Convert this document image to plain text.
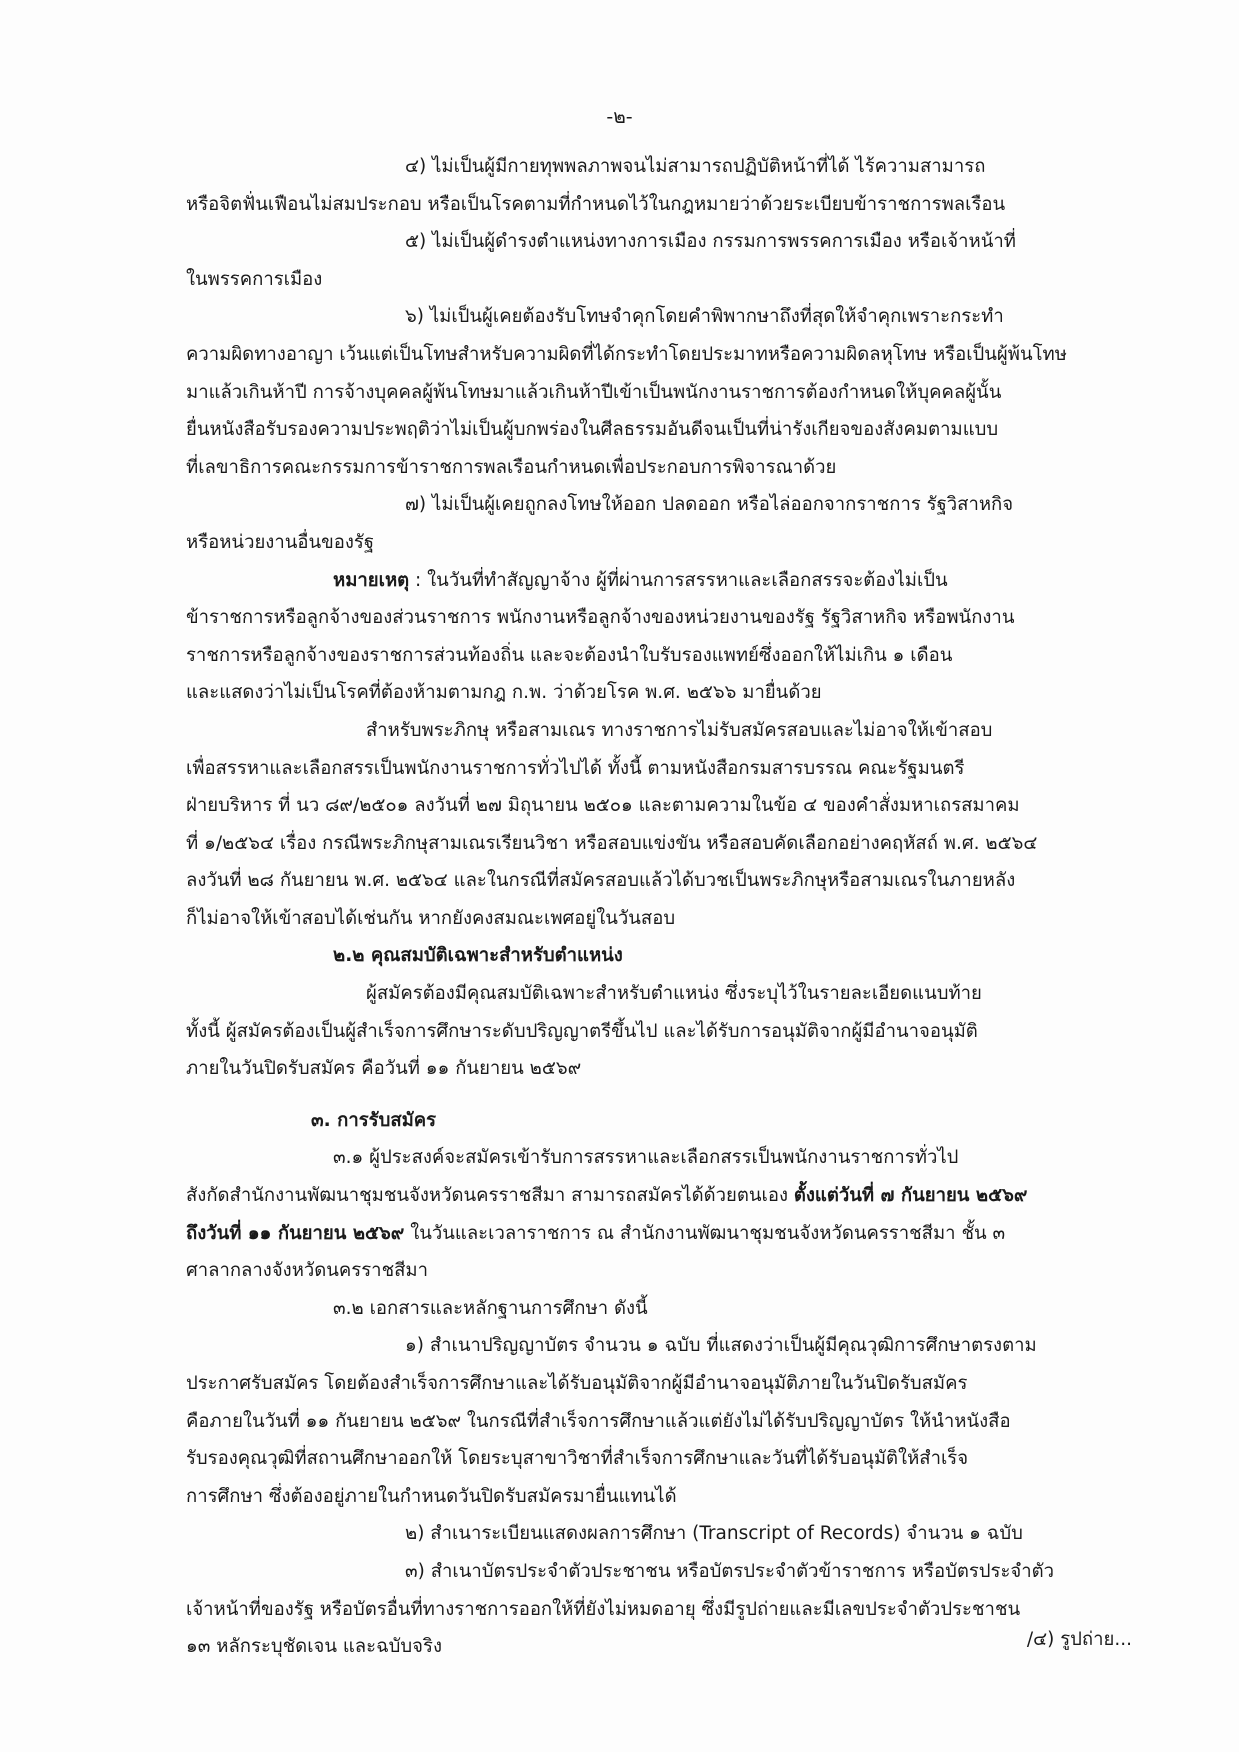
-๒-
๔) ไม่เป็นผู้มีกายทุพพลภาพจนไม่สามารถปฏิบัติหน้าที่ได้ ไร้ความสามารถ
หรือจิตฟั่นเฟือนไม่สมประกอบ หรือเป็นโรคตามที่กำหนดไว้ในกฎหมายว่าด้วยระเบียบข้าราชการพลเรือน
๕) ไม่เป็นผู้ดำรงตำแหน่งทางการเมือง กรรมการพรรคการเมือง หรือเจ้าหน้าที่
ในพรรคการเมือง
๖) ไม่เป็นผู้เคยต้องรับโทษจำคุกโดยคำพิพากษาถึงที่สุดให้จำคุกเพราะกระทำ
ความผิดทางอาญา เว้นแต่เป็นโทษสำหรับความผิดที่ได้กระทำโดยประมาทหรือความผิดลหุโทษ หรือเป็นผู้พ้นโทษ
มาแล้วเกินห้าปี การจ้างบุคคลผู้พ้นโทษมาแล้วเกินห้าปีเข้าเป็นพนักงานราชการต้องกำหนดให้บุคคลผู้นั้น
ยื่นหนังสือรับรองความประพฤติว่าไม่เป็นผู้บกพร่องในศีลธรรมอันดีจนเป็นที่น่ารังเกียจของสังคมตามแบบ
ที่เลขาธิการคณะกรรมการข้าราชการพลเรือนกำหนดเพื่อประกอบการพิจารณาด้วย
๗) ไม่เป็นผู้เคยถูกลงโทษให้ออก ปลดออก หรือไล่ออกจากราชการ รัฐวิสาหกิจ
หรือหน่วยงานอื่นของรัฐ
หมายเหตุ : ในวันที่ทำสัญญาจ้าง ผู้ที่ผ่านการสรรหาและเลือกสรรจะต้องไม่เป็น
ข้าราชการหรือลูกจ้างของส่วนราชการ พนักงานหรือลูกจ้างของหน่วยงานของรัฐ รัฐวิสาหกิจ หรือพนักงาน
ราชการหรือลูกจ้างของราชการส่วนท้องถิ่น และจะต้องนำใบรับรองแพทย์ซึ่งออกให้ไม่เกิน ๑ เดือน
และแสดงว่าไม่เป็นโรคที่ต้องห้ามตามกฎ ก.พ. ว่าด้วยโรค พ.ศ. ๒๕๖๖ มายื่นด้วย
สำหรับพระภิกษุ หรือสามเณร ทางราชการไม่รับสมัครสอบและไม่อาจให้เข้าสอบ
เพื่อสรรหาและเลือกสรรเป็นพนักงานราชการทั่วไปได้ ทั้งนี้ ตามหนังสือกรมสารบรรณ คณะรัฐมนตรี
ฝ่ายบริหาร ที่ นว ๘๙/๒๕๐๑ ลงวันที่ ๒๗ มิถุนายน ๒๕๐๑ และตามความในข้อ ๔ ของคำสั่งมหาเถรสมาคม
ที่ ๑/๒๕๖๔ เรื่อง กรณีพระภิกษุสามเณรเรียนวิชา หรือสอบแข่งขัน หรือสอบคัดเลือกอย่างคฤหัสถ์ พ.ศ. ๒๕๖๔
ลงวันที่ ๒๘ กันยายน พ.ศ. ๒๕๖๔ และในกรณีที่สมัครสอบแล้วได้บวชเป็นพระภิกษุหรือสามเณรในภายหลัง
ก็ไม่อาจให้เข้าสอบได้เช่นกัน หากยังคงสมณะเพศอยู่ในวันสอบ
๒.๒ คุณสมบัติเฉพาะสำหรับตำแหน่ง
ผู้สมัครต้องมีคุณสมบัติเฉพาะสำหรับตำแหน่ง ซึ่งระบุไว้ในรายละเอียดแนบท้าย
ทั้งนี้ ผู้สมัครต้องเป็นผู้สำเร็จการศึกษาระดับปริญญาตรีขึ้นไป และได้รับการอนุมัติจากผู้มีอำนาจอนุมัติ
ภายในวันปิดรับสมัคร คือวันที่ ๑๑ กันยายน ๒๕๖๙
๓. การรับสมัคร
๓.๑ ผู้ประสงค์จะสมัครเข้ารับการสรรหาและเลือกสรรเป็นพนักงานราชการทั่วไป
สังกัดสำนักงานพัฒนาชุมชนจังหวัดนครราชสีมา สามารถสมัครได้ด้วยตนเอง ตั้งแต่วันที่ ๗ กันยายน ๒๕๖๙
ถึงวันที่ ๑๑ กันยายน ๒๕๖๙ ในวันและเวลาราชการ ณ สำนักงานพัฒนาชุมชนจังหวัดนครราชสีมา ชั้น ๓
ศาลากลางจังหวัดนครราชสีมา
๓.๒ เอกสารและหลักฐานการศึกษา ดังนี้
๑) สำเนาปริญญาบัตร จำนวน ๑ ฉบับ ที่แสดงว่าเป็นผู้มีคุณวุฒิการศึกษาตรงตาม
ประกาศรับสมัคร โดยต้องสำเร็จการศึกษาและได้รับอนุมัติจากผู้มีอำนาจอนุมัติภายในวันปิดรับสมัคร
คือภายในวันที่ ๑๑ กันยายน ๒๕๖๙ ในกรณีที่สำเร็จการศึกษาแล้วแต่ยังไม่ได้รับปริญญาบัตร ให้นำหนังสือ
รับรองคุณวุฒิที่สถานศึกษาออกให้ โดยระบุสาขาวิชาที่สำเร็จการศึกษาและวันที่ได้รับอนุมัติให้สำเร็จ
การศึกษา ซึ่งต้องอยู่ภายในกำหนดวันปิดรับสมัครมายื่นแทนได้
๒) สำเนาระเบียนแสดงผลการศึกษา (Transcript of Records) จำนวน ๑ ฉบับ
๓) สำเนาบัตรประจำตัวประชาชน หรือบัตรประจำตัวข้าราชการ หรือบัตรประจำตัว
เจ้าหน้าที่ของรัฐ หรือบัตรอื่นที่ทางราชการออกให้ที่ยังไม่หมดอายุ ซึ่งมีรูปถ่ายและมีเลขประจำตัวประชาชน
๑๓ หลักระบุชัดเจน และฉบับจริง	/๔) รูปถ่าย...
